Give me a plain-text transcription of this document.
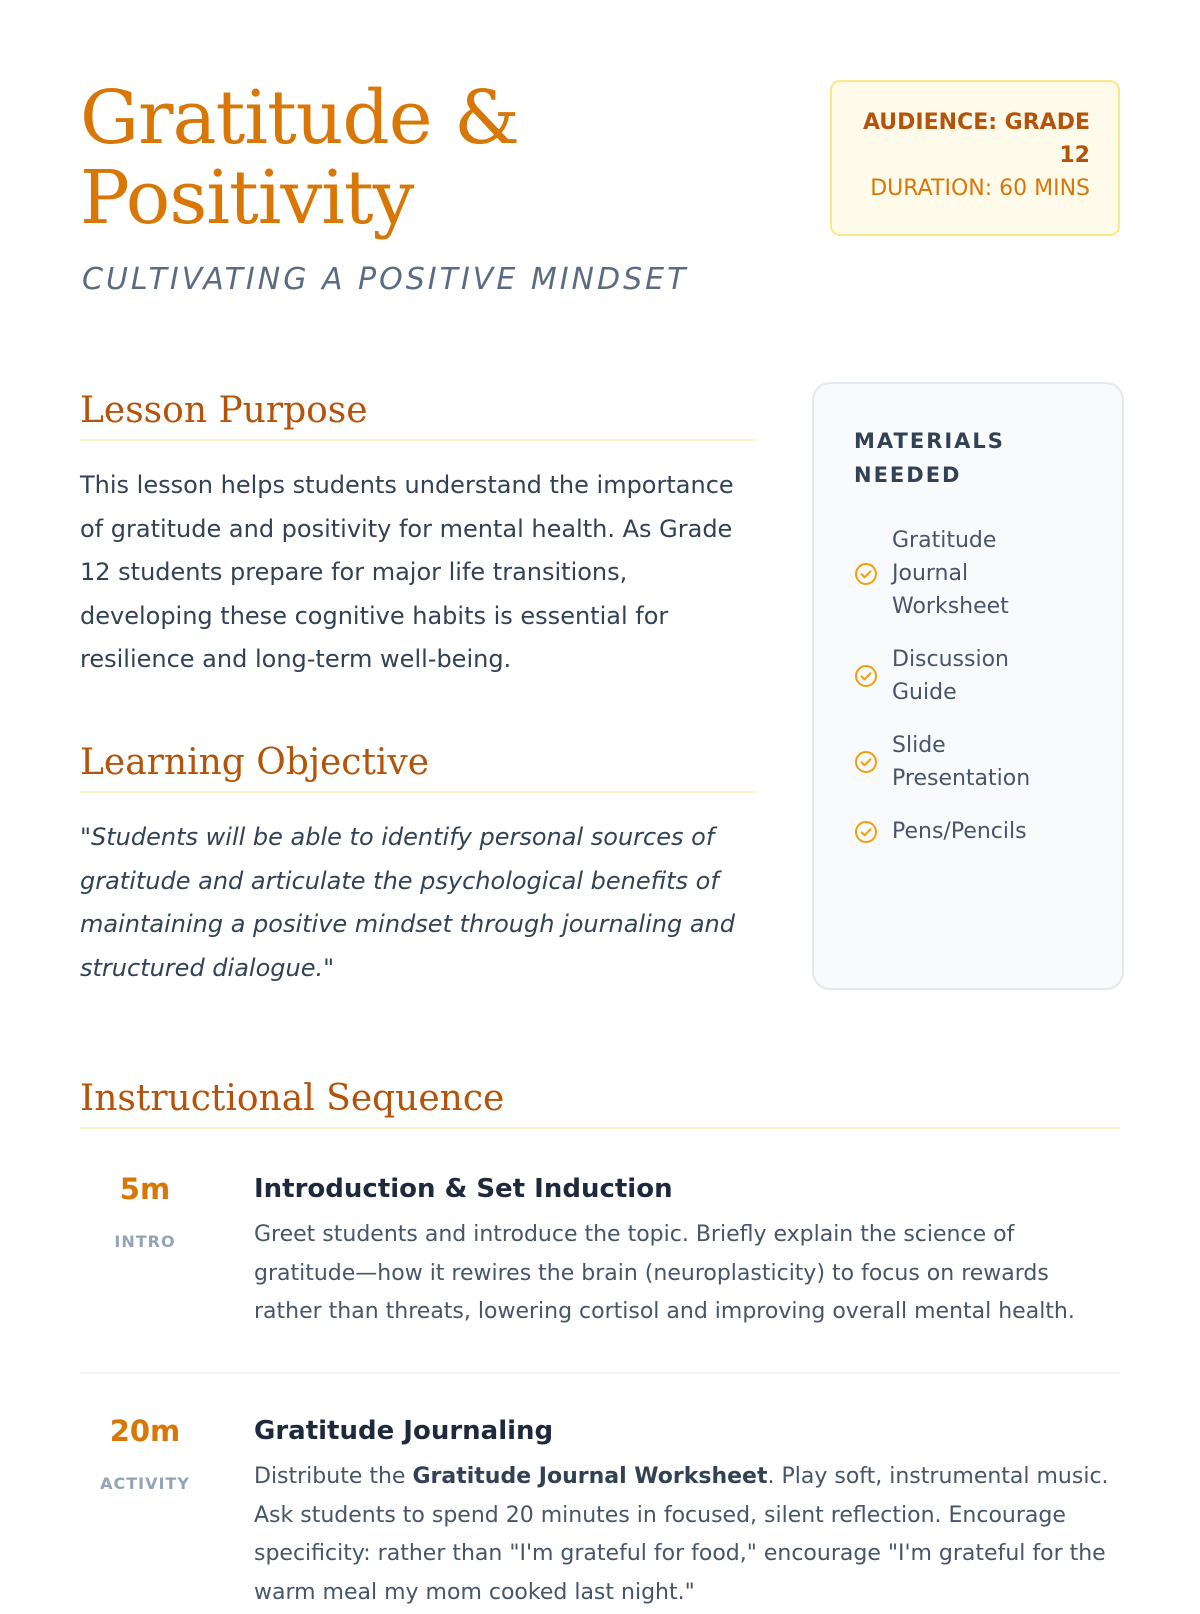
Gratitude & Positivity
CULTIVATING A POSITIVE MINDSET
AUDIENCE: GRADE 12
DURATION: 60 MINS
Lesson Purpose

This lesson helps students understand the importance of gratitude and positivity for mental health. As Grade 12 students prepare for major life transitions, developing these cognitive habits is essential for resilience and long-term well-being.

Learning Objective

"Students will be able to identify personal sources of gratitude and articulate the psychological benefits of maintaining a positive mindset through journaling and structured dialogue."

MATERIALS NEEDED
Gratitude Journal Worksheet
Discussion Guide
Slide Presentation
Pens/Pencils
Instructional Sequence
5m
INTRO
Introduction & Set Induction

Greet students and introduce the topic. Briefly explain the science of gratitude—how it rewires the brain (neuroplasticity) to focus on rewards rather than threats, lowering cortisol and improving overall mental health.

20m
ACTIVITY
Gratitude Journaling

Distribute the Gratitude Journal Worksheet. Play soft, instrumental music. Ask students to spend 20 minutes in focused, silent reflection. Encourage specificity: rather than "I'm grateful for food," encourage "I'm grateful for the warm meal my mom cooked last night."
